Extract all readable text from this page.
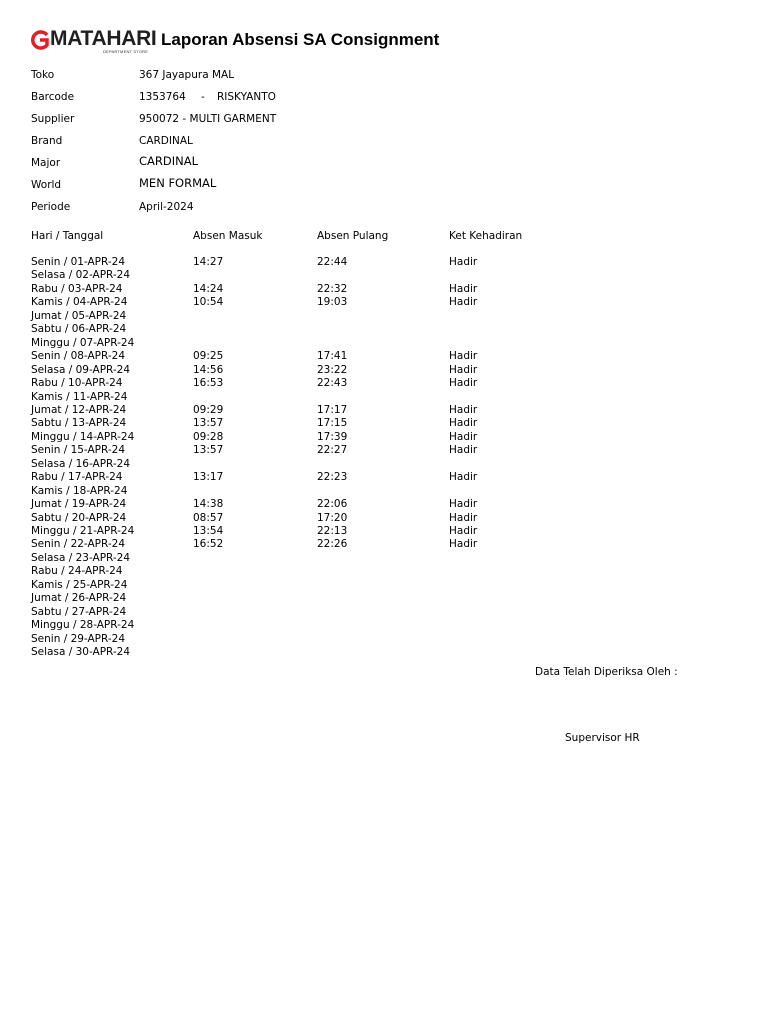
MATAHARI
DEPARTMENT STORE
Laporan Absensi SA Consignment
Toko	367 Jayapura MAL
Barcode	1353764 - RISKYANTO
Supplier	950072 - MULTI GARMENT
Brand	CARDINAL
Major	CARDINAL
World	MEN FORMAL
Periode	April-2024
Hari / Tanggal	Absen Masuk	Absen Pulang	Ket Kehadiran
Senin / 01-APR-24	14:27	22:44	Hadir
Selasa / 02-APR-24
Rabu / 03-APR-24	14:24	22:32	Hadir
Kamis / 04-APR-24	10:54	19:03	Hadir
Jumat / 05-APR-24
Sabtu / 06-APR-24
Minggu / 07-APR-24
Senin / 08-APR-24	09:25	17:41	Hadir
Selasa / 09-APR-24	14:56	23:22	Hadir
Rabu / 10-APR-24	16:53	22:43	Hadir
Kamis / 11-APR-24
Jumat / 12-APR-24	09:29	17:17	Hadir
Sabtu / 13-APR-24	13:57	17:15	Hadir
Minggu / 14-APR-24	09:28	17:39	Hadir
Senin / 15-APR-24	13:57	22:27	Hadir
Selasa / 16-APR-24
Rabu / 17-APR-24	13:17	22:23	Hadir
Kamis / 18-APR-24
Jumat / 19-APR-24	14:38	22:06	Hadir
Sabtu / 20-APR-24	08:57	17:20	Hadir
Minggu / 21-APR-24	13:54	22:13	Hadir
Senin / 22-APR-24	16:52	22:26	Hadir
Selasa / 23-APR-24
Rabu / 24-APR-24
Kamis / 25-APR-24
Jumat / 26-APR-24
Sabtu / 27-APR-24
Minggu / 28-APR-24
Senin / 29-APR-24
Selasa / 30-APR-24
Data Telah Diperiksa Oleh :
Supervisor HR
